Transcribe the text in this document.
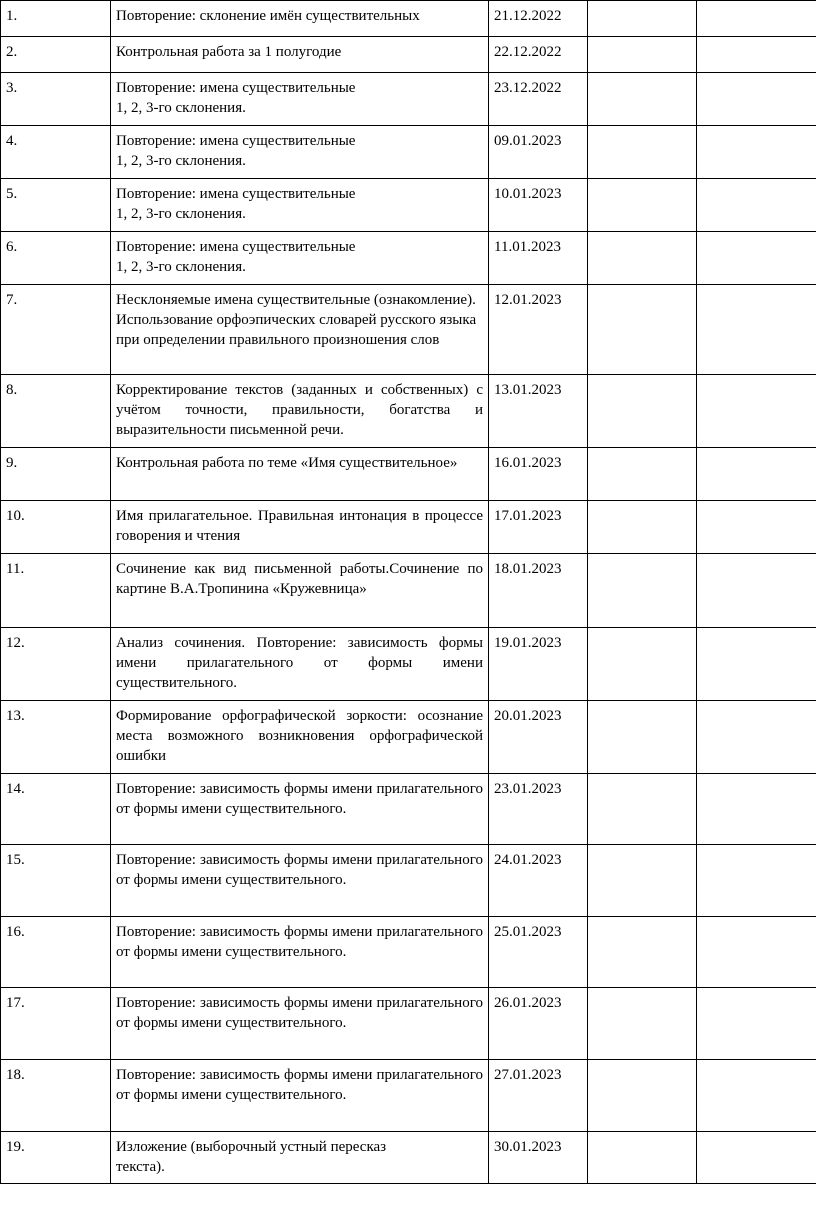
1.	Повторение: склонение имён существительных	21.12.2022		
2.	Контрольная работа за 1 полугодие	22.12.2022		
3.	Повторение: имена существительные
1, 2, 3-го склонения.	23.12.2022		
4.	Повторение: имена существительные
1, 2, 3-го склонения.	09.01.2023		
5.	Повторение: имена существительные
1, 2, 3-го склонения.	10.01.2023		
6.	Повторение: имена существительные
1, 2, 3-го склонения.	11.01.2023		
7.	Несклоняемые имена существительные (ознакомление). Использование орфоэпических словарей русского языка при определении правильного произношения слов	12.01.2023		
8.	Корректирование текстов (заданных и собственных) с учётом точности, правильности, богатства и выразительности письменной речи.	13.01.2023		
9.	Контрольная работа по теме «Имя существительное»	16.01.2023		
10.	Имя прилагательное. Правильная интонация в процессе говорения и чтения	17.01.2023		
11.	Сочинение как вид письменной работы.Сочинение по картине В.А.Тропинина «Кружевница»	18.01.2023		
12.	Анализ сочинения. Повторение: зависимость формы имени прилагательного от формы имени существительного.	19.01.2023		
13.	Формирование орфографической зоркости: осознание места возможного возникновения орфографической ошибки	20.01.2023		
14.	Повторение: зависимость формы имени прилагательного от формы имени существительного.	23.01.2023		
15.	Повторение: зависимость формы имени прилагательного от формы имени существительного.	24.01.2023		
16.	Повторение: зависимость формы имени прилагательного от формы имени существительного.	25.01.2023		
17.	Повторение: зависимость формы имени прилагательного от формы имени существительного.	26.01.2023		
18.	Повторение: зависимость формы имени прилагательного от формы имени существительного.	27.01.2023		
19.	Изложение (выборочный устный пересказ
текста).	30.01.2023		
